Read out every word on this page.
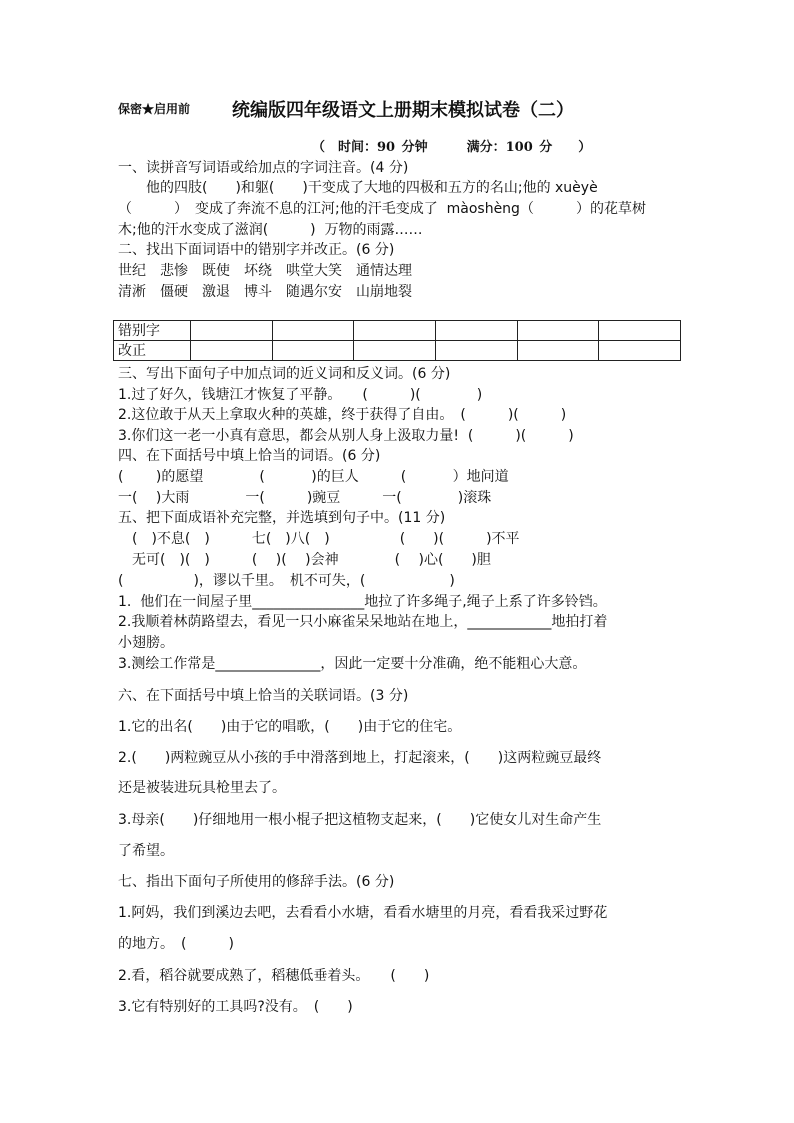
保密★启用前 统编版四年级语文上册期末模拟试卷（二）
（　时间：90 分钟　　　满分：100 分　　）
一、读拼音写词语或给加点的字词注音。(4 分)
　　他的四肢(　　)和躯(　　)干变成了大地的四极和五方的名山;他的 xuèyè
（　　　）　变成了奔流不息的江河;他的汗毛变成了  màoshèng（　　　）的花草树
木;他的汗水变成了滋润(　　　)  万物的雨露……
二、找出下面词语中的错别字并改正。(6 分)
世纪 悲惨 既使 坏绕 哄堂大笑 通情达理
清淅 僵硬 激退 博斗 随遇尔安 山崩地裂
错别字						
改正						
三、写出下面句子中加点词的近义词和反义词。(6 分)
1.过了好久，钱塘江才恢复了平静。　　(　　　)(　　　　)
2.这位敢于从天上拿取火种的英雄，终于获得了自由。　(　　　)(　　　)
3.你们这一老一小真有意思，都会从别人身上汲取力量!  (　　　)(　　　)
四、在下面括号中填上恰当的词语。(6 分)
(　　 )的愿望　　　　(　　　 )的巨人　　　(　　　 ）地问道
一(　 )大雨　　　　一(　　　)豌豆　　　一(　　　　)滚珠
五、把下面成语补充完整，并选填到句子中。(11 分)
　(　)不息(　)　　　七(　)八(　)　　　　　(　　)(　　　)不平
　无可(　)(　)　　　(　 )(　 )会神　　　　(　 )心(　　)胆
(　　　　　)，谬以千里。　机不可失，(　　　　　　)
1.  他们在一间屋子里________________地拉了许多绳子,绳子上系了许多铃铛。
2.我顺着林荫路望去，看见一只小麻雀呆呆地站在地上，____________地拍打着
小翅膀。
3.测绘工作常是_______________，因此一定要十分准确，绝不能粗心大意。
六、在下面括号中填上恰当的关联词语。(3 分)
1.它的出名(　　)由于它的唱歌，(　　)由于它的住宅。
2.(　　)两粒豌豆从小孩的手中滑落到地上，打起滚来，(　　)这两粒豌豆最终
还是被装进玩具枪里去了。
3.母亲(　　)仔细地用一根小棍子把这植物支起来，(　　)它使女儿对生命产生
了希望。
七、指出下面句子所使用的修辞手法。(6 分)
1.阿妈，我们到溪边去吧，去看看小水塘，看看水塘里的月亮，看看我采过野花
的地方。　(　　　)
2.看，稻谷就要成熟了，稻穗低垂着头。　　(　　)
3.它有特别好的工具吗?没有。　(　　)
